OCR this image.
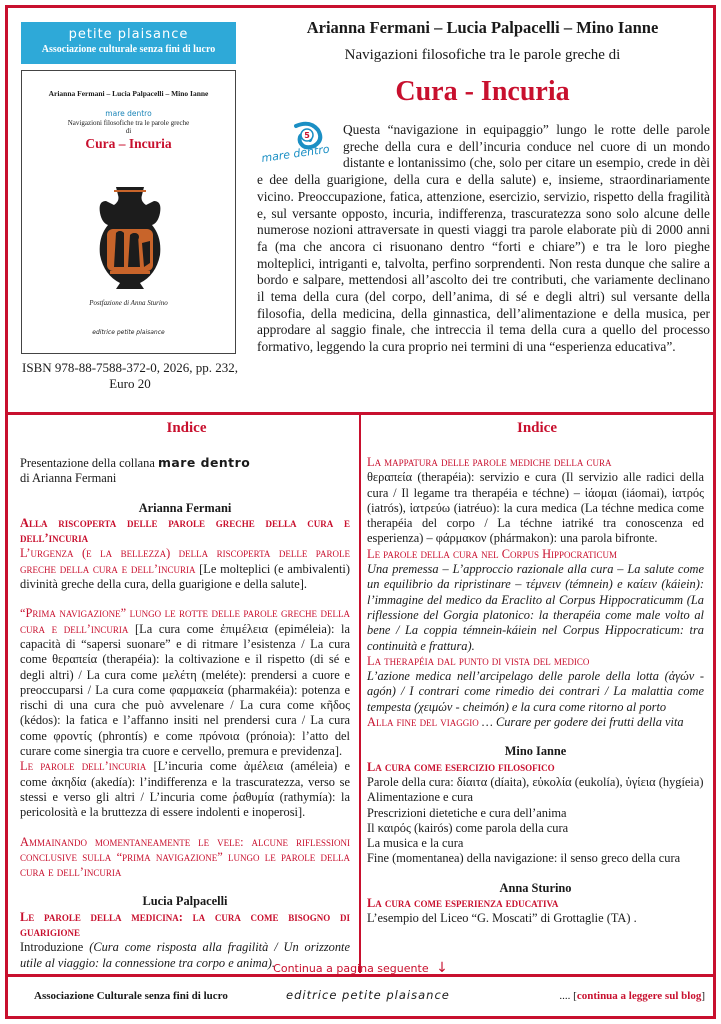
petite plaisance
Associazione culturale senza fini di lucro
Arianna Fermani – Lucia Palpacelli – Mino Ianne
mare dentro
Navigazioni filosofiche tra le parole greche
di
Cura – Incuria
Postfazione di Anna Sturino
editrice petite plaisance
ISBN 978-88-7588-372-0, 2026, pp. 232,
Euro 20
Arianna Fermani – Lucia Palpacelli – Mino Ianne
Navigazioni filosofiche tra le parole greche di
Cura - Incuria
5
mare dentro
Questa “navigazione in equipaggio” lungo le rotte delle parole greche della cura e dell’incuria conduce nel cuore di un mondo distante e lontanissimo (che, solo per citare un esempio, crede in dèi e dee della guarigione, della cura e della salute) e, insieme, straordinariamente vicino. Preoccupazione, fatica, attenzione, esercizio, servizio, rispetto della fragilità e, sul versante opposto, incuria, indifferenza, trascuratezza sono solo alcune delle numerose nozioni attraversate in questi viaggi tra parole elaborate più di 2000 anni fa (ma che ancora ci risuonano dentro “forti e chiare”) e tra le loro pieghe molteplici, intriganti e, talvolta, perfino sorprendenti. Non resta dunque che salire a bordo e salpare, mettendosi all’ascolto dei tre contributi, che variamente declinano il tema della cura (del corpo, dell’anima, di sé e degli altri) sul versante della filosofia, della medicina, della ginnastica, dell’alimentazione e della musica, per approdare al saggio finale, che intreccia il tema della cura a quello del processo formativo, leggendo la cura proprio nei termini di una “esperienza educativa”.
Indice	Indice

Presentazione della collana mare dentro
di Arianna Fermani

Arianna Fermani

Alla riscoperta delle parole greche della cura e dell’incuria

L’urgenza (e la bellezza) della riscoperta delle parole greche della cura e dell’incuria [Le molteplici (e ambivalenti) divinità greche della cura, della guarigione e della salute].

“Prima navigazione” lungo le rotte delle parole greche della cura e dell’incuria [La cura come ἐπιμέλεια (epiméleia): la capacità di “sapersi suonare” e di ritmare l’esistenza / La cura come θεραπεία (therapéia): la coltivazione e il rispetto (di sé e degli altri) / La cura come μελέτη (meléte): prendersi a cuore e preoccuparsi / La cura come φαρμακεία (pharmakéia): potenza e rischi di una cura che può avvelenare / La cura come κῆδος (kédos): la fatica e l’affanno insiti nel prendersi cura / La cura come φροντίς (phrontís) e come πρόνοια (prónoia): l’atto del curare come sinergia tra cuore e cervello, premura e previdenza].

Le parole dell’incuria [L’incuria come ἀμέλεια (améleia) e come ἀκηδία (akedía): l’indifferenza e la trascuratezza, verso se stessi e verso gli altri / L’incuria come ῥαθυμία (rathymía): la pericolosità e la bruttezza di essere indolenti e inoperosi].

Ammainando momentaneamente le vele: alcune riflessioni conclusive sulla “prima navigazione” lungo le parole della cura e dell’incuria

Lucia Palpacelli

Le parole della medicina: la cura come bisogno di guarigione

Introduzione (Cura come risposta alla fragilità / Un orizzonte utile al viaggio: la connessione tra corpo e anima).

La mappatura delle parole mediche della cura

θεραπεία (therapéia): servizio e cura (Il servizio alle radici della cura / Il legame tra therapéia e téchne) – ἰάομαι (iáomai), ἰατρός (iatrós), ἰατρεύω (iatréuo): la cura medica (La téchne medica come therapéia del corpo / La téchne iatriké tra conoscenza ed esperienza) – φάρμακον (phármakon): una parola bifronte.

Le parole della cura nel Corpus Hippocraticum

Una premessa – L’approccio razionale alla cura – La salute come un equilibrio da ripristinare – τέμνειν (témnein) e καίειν (káiein): l’immagine del medico da Eraclito al Corpus Hippocraticumm (La riflessione del Gorgia platonico: la therapéia come male volto al bene / La coppia témnein-káiein nel Corpus Hippocraticum: tra continuità e frattura).

La therapéia dal punto di vista del medico

L’azione medica nell’arcipelago delle parole della lotta (ἀγών - agón) / I contrari come rimedio dei contrari / La malattia come tempesta (χειμών - cheimón) e la cura come ritorno al porto

Alla fine del viaggio … Curare per godere dei frutti della vita

Mino Ianne

La cura come esercizio filosofico

Parole della cura: δίαιτα (díaita), εὐκολία (eukolía), ὑγίεια (hygíeia)

Alimentazione e cura

Prescrizioni dietetiche e cura dell’anima

Il καιρός (kairós) come parola della cura

La musica e la cura

Fine (momentanea) della navigazione: il senso greco della cura

Anna Sturino

La cura come esperienza educativa

L’esempio del Liceo “G. Moscati” di Grottaglie (TA) .

Continua a pagina seguente ↓
Associazione Culturale senza fini di lucro	editrice petite plaisance	.... [continua a leggere sul blog]
